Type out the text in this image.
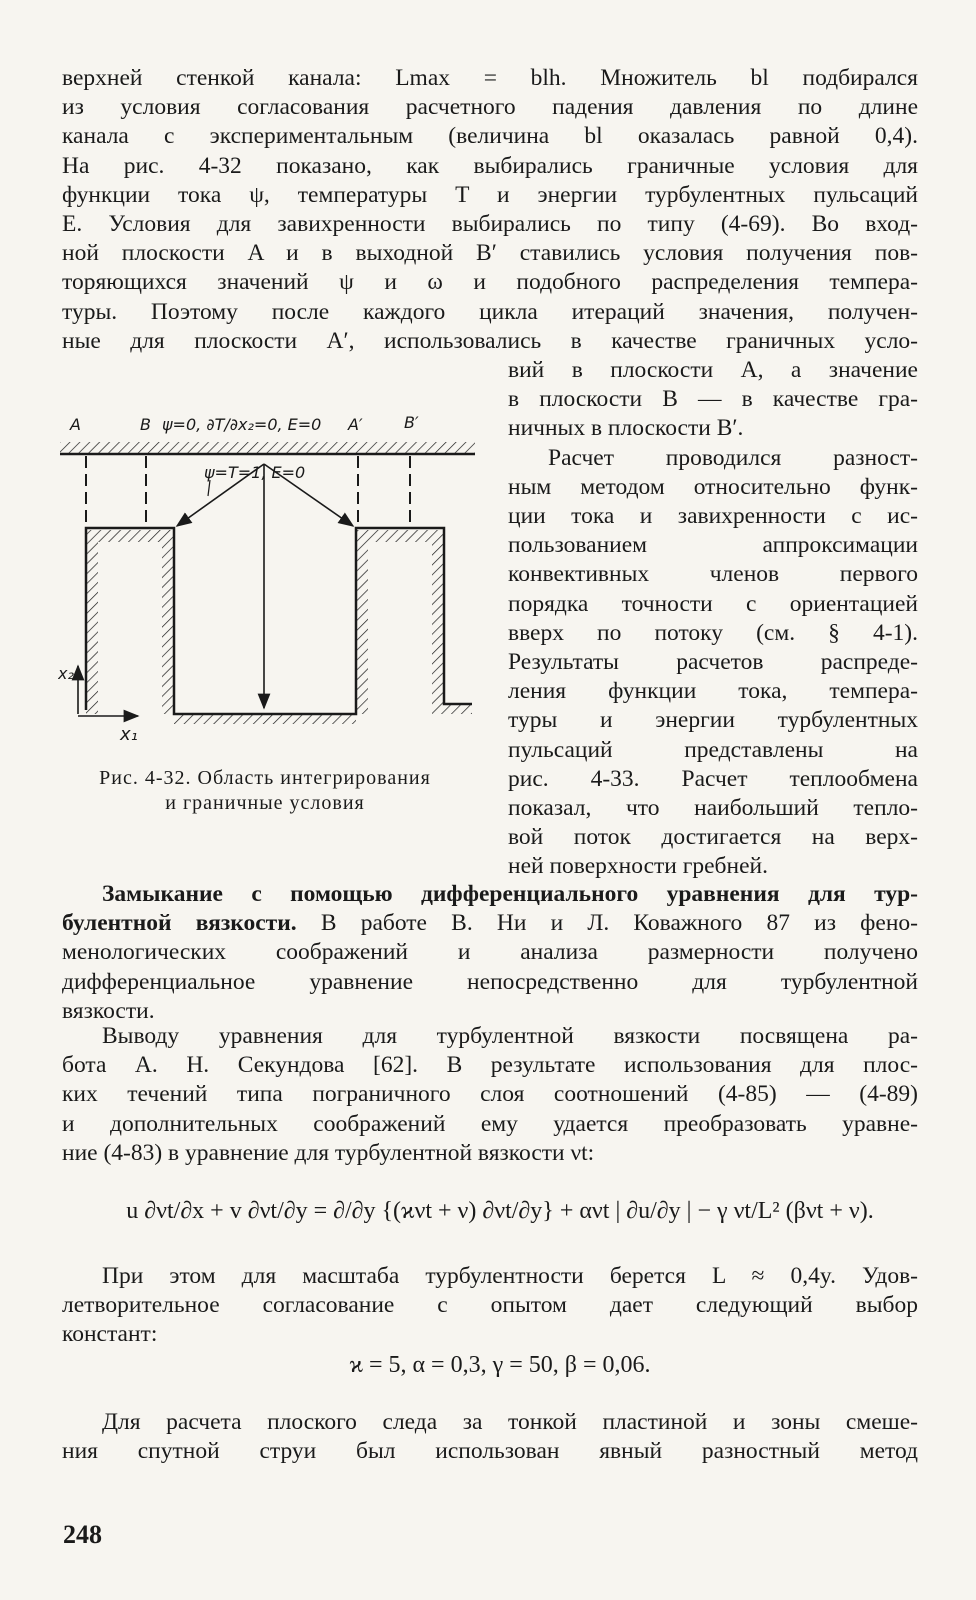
верхней стенкой канала: Lmax = blh. Множитель bl подбирался
из условия согласования расчетного падения давления по длине
канала с экспериментальным (величина bl оказалась равной 0,4).
На рис. 4-32 показано, как выбирались граничные условия для
функции тока ψ, температуры T и энергии турбулентных пульсаций
E. Условия для завихренности выбирались по типу (4-69). Во вход-
ной плоскости A и в выходной B′ ставились условия получения пов-
торяющихся значений ψ и ω и подобного распределения темпера-
туры. Поэтому после каждого цикла итераций значения, получен-
ные для плоскости A′, использовались в качестве граничных усло-
вий в плоскости A, а значение
в плоскости B — в качестве гра-
ничных в плоскости B′.
Расчет проводился разност-
ным методом относительно функ-
ции тока и завихренности с ис-
пользованием аппроксимации
конвективных членов первого
порядка точности с ориентацией
вверх по потоку (см. § 4-1).
Результаты расчетов распреде-
ления функции тока, темпера-
туры и энергии турбулентных
пульсаций представлены на
рис. 4-33. Расчет теплообмена
показал, что наибольший тепло-
вой поток достигается на верх-
ней поверхности гребней.
A	B ψ=0, ∂T/∂x₂=0, E=0 A′	B′
ψ=T=1, E=0
x₂
x₁
Рис. 4-32. Область интегрирования
и граничные условия
Замыкание с помощью дифференциального уравнения для тур-
булентной вязкости. В работе В. Ни и Л. Коважного 87 из фено-
менологических соображений и анализа размерности получено
дифференциальное уравнение непосредственно для турбулентной
вязкости.
Выводу уравнения для турбулентной вязкости посвящена ра-
бота А. Н. Секундова [62]. В результате использования для плос-
ких течений типа пограничного слоя соотношений (4-85) — (4-89)
и дополнительных соображений ему удается преобразовать уравне-
ние (4-83) в уравнение для турбулентной вязкости νt:
u ∂νt/∂x + v ∂νt/∂y = ∂/∂y {(ϰνt + ν) ∂νt/∂y} + ανt | ∂u/∂y | − γ νt/L² (βνt + ν).
При этом для масштаба турбулентности берется L ≈ 0,4y. Удов-
летворительное согласование с опытом дает следующий выбор
констант:
ϰ = 5, α = 0,3, γ = 50, β = 0,06.
Для расчета плоского следа за тонкой пластиной и зоны смеше-
ния спутной струи был использован явный разностный метод
248
